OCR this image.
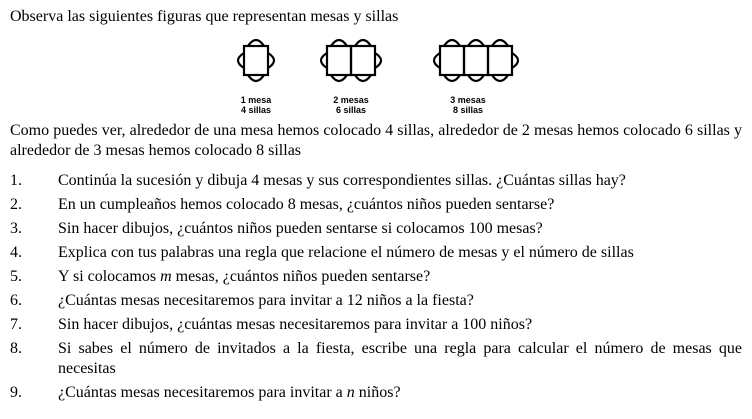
Observa las siguientes figuras que representan mesas y sillas
1 mesa
4 sillas
2 mesas
6 sillas
3 mesas
8 sillas
Como puedes ver, alrededor de una mesa hemos colocado 4 sillas, alrededor de 2 mesas hemos colocado 6 sillas y alrededor de 3 mesas hemos colocado 8 sillas
1.	Continúa la sucesión y dibuja 4 mesas y sus correspondientes sillas. ¿Cuántas sillas hay?
2.	En un cumpleaños hemos colocado 8 mesas, ¿cuántos niños pueden sentarse?
3.	Sin hacer dibujos, ¿cuántos niños pueden sentarse si colocamos 100 mesas?
4.	Explica con tus palabras una regla que relacione el número de mesas y el número de sillas
5.	Y si colocamos m mesas, ¿cuántos niños pueden sentarse?
6.	¿Cuántas mesas necesitaremos para invitar a 12 niños a la fiesta?
7.	Sin hacer dibujos, ¿cuántas mesas necesitaremos para invitar a 100 niños?
8.	Si sabes el número de invitados a la fiesta, escribe una regla para calcular el número de mesas que necesitas
9.	¿Cuántas mesas necesitaremos para invitar a n niños?
